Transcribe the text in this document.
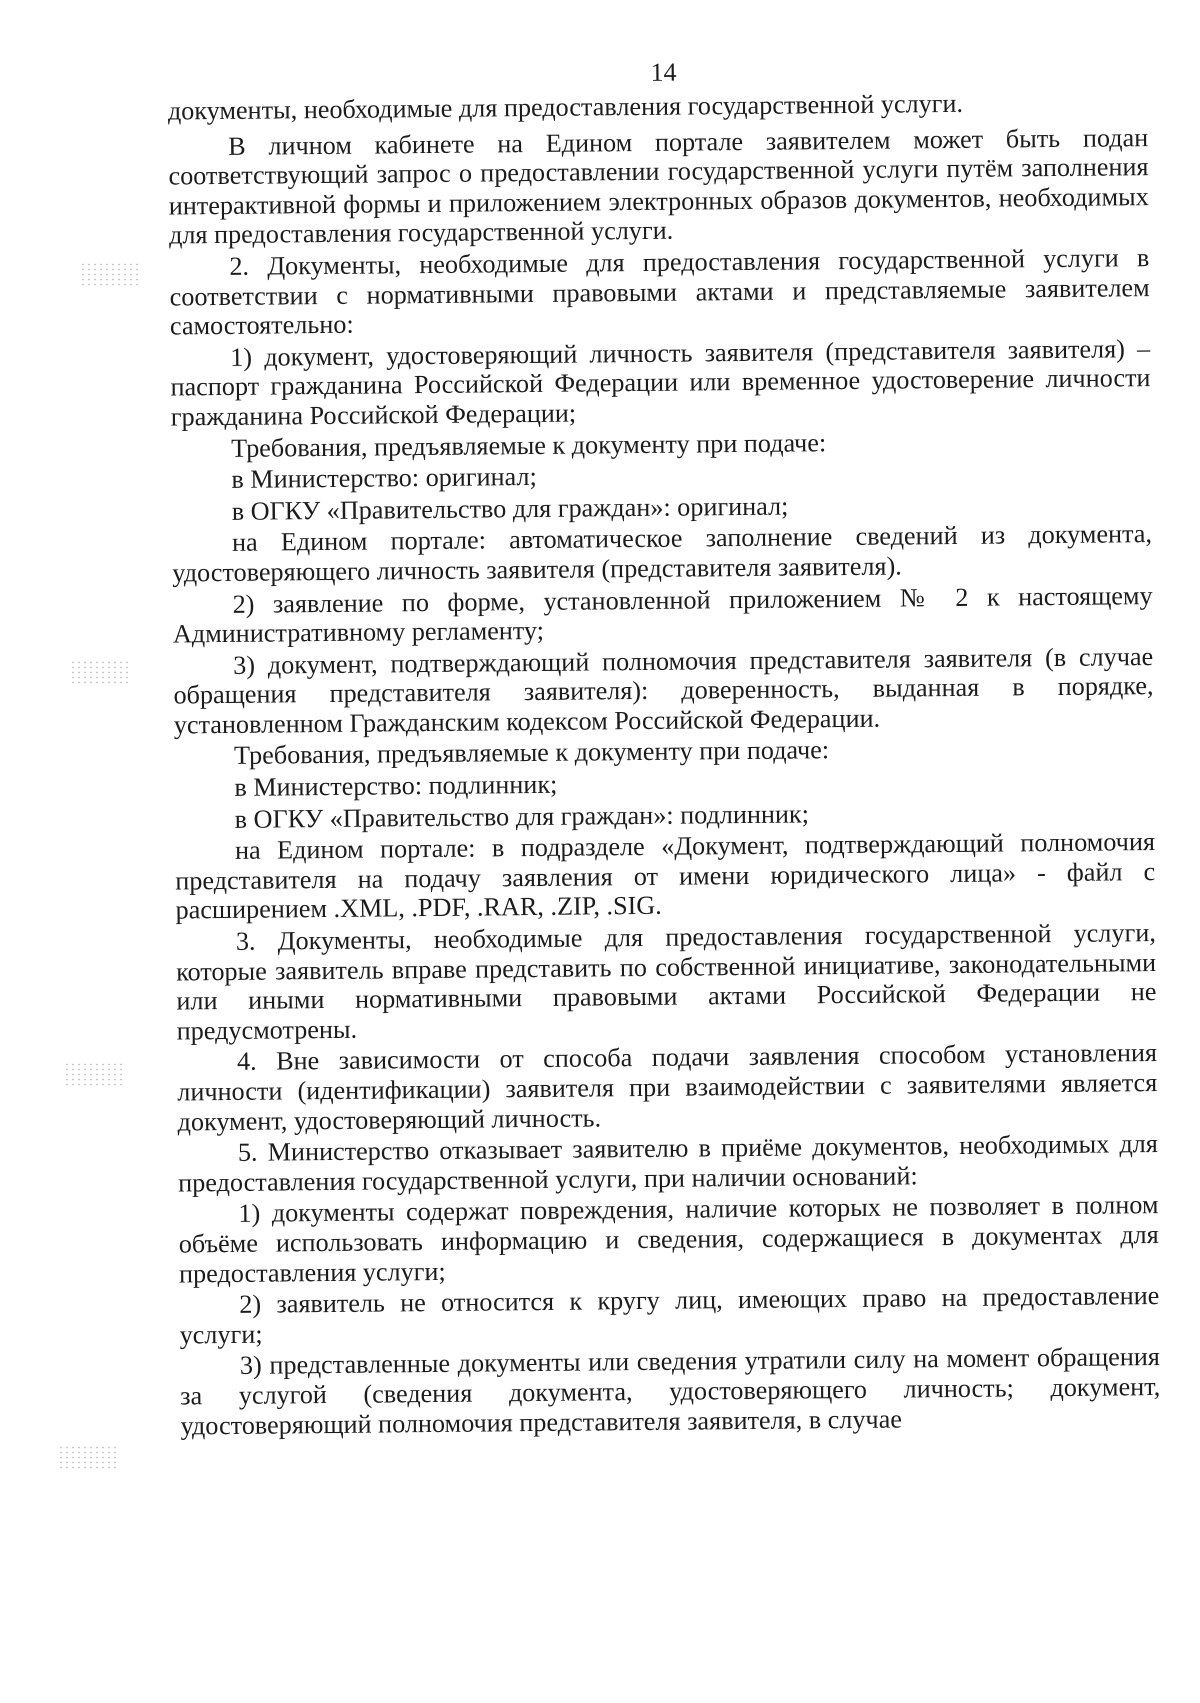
14

документы, необходимые для предоставления государственной услуги.

В личном кабинете на Едином портале заявителем может быть подан соответствующий запрос о предоставлении государственной услуги путём заполнения интерактивной формы и приложением электронных образов документов, необходимых для предоставления государственной услуги.

2. Документы, необходимые для предоставления государственной услуги в соответствии с нормативными правовыми актами и представляемые заявителем самостоятельно:

1) документ, удостоверяющий личность заявителя (представителя заявителя) – паспорт гражданина Российской Федерации или временное удостоверение личности гражданина Российской Федерации;

Требования, предъявляемые к документу при подаче:

в Министерство: оригинал;

в ОГКУ «Правительство для граждан»: оригинал;

на Едином портале: автоматическое заполнение сведений из документа, удостоверяющего личность заявителя (представителя заявителя).

2) заявление по форме, установленной приложением № 2 к настоящему Административному регламенту;

3) документ, подтверждающий полномочия представителя заявителя (в случае обращения представителя заявителя): доверенность, выданная в порядке, установленном Гражданским кодексом Российской Федерации.

Требования, предъявляемые к документу при подаче:

в Министерство: подлинник;

в ОГКУ «Правительство для граждан»: подлинник;

на Едином портале: в подразделе «Документ, подтверждающий полномочия представителя на подачу заявления от имени юридического лица» - файл с расширением .XML, .PDF, .RAR, .ZIP, .SIG.

3. Документы, необходимые для предоставления государственной услуги, которые заявитель вправе представить по собственной инициативе, законодательными или иными нормативными правовыми актами Российской Федерации не предусмотрены.

4. Вне зависимости от способа подачи заявления способом установления личности (идентификации) заявителя при взаимодействии с заявителями является документ, удостоверяющий личность.

5. Министерство отказывает заявителю в приёме документов, необходимых для предоставления государственной услуги, при наличии оснований:

1) документы содержат повреждения, наличие которых не позволяет в полном объёме использовать информацию и сведения, содержащиеся в документах для предоставления услуги;

2) заявитель не относится к кругу лиц, имеющих право на предоставление услуги;

3) представленные документы или сведения утратили силу на момент обращения за услугой (сведения документа, удостоверяющего личность; документ, удостоверяющий полномочия представителя заявителя, в случае
